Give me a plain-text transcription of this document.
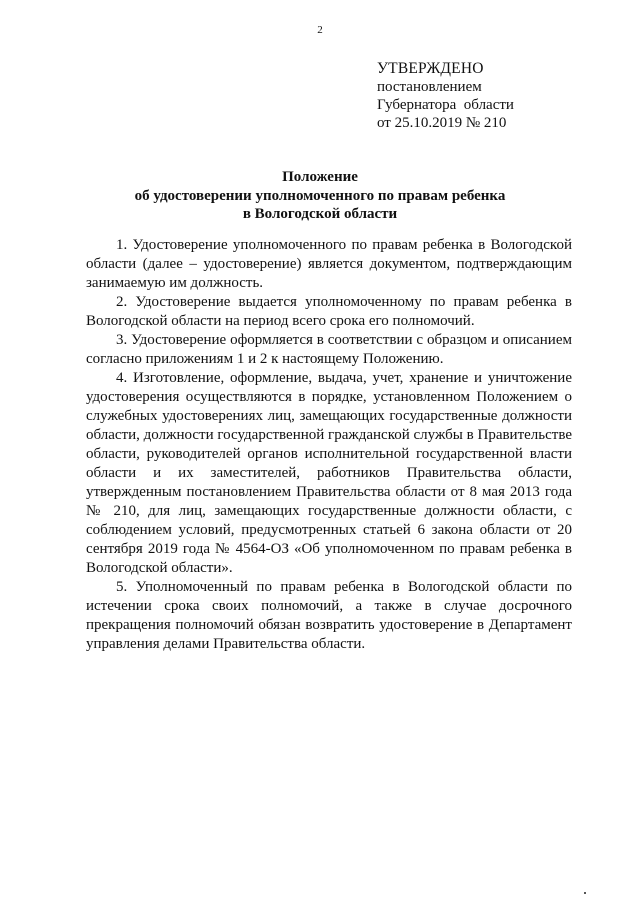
2
УТВЕРЖДЕНО
постановлением
Губернатора  области
от 25.10.2019 № 210
Положение
об удостоверении уполномоченного по правам ребенка
в Вологодской области

1. Удостоверение уполномоченного по правам ребенка в Вологодской области (далее – удостоверение) является документом, подтверждающим занимаемую им должность.

2. Удостоверение выдается уполномоченному по правам ребенка в Вологодской области на период всего срока его полномочий.

3. Удостоверение оформляется в соответствии с образцом и описанием согласно приложениям 1 и 2 к настоящему Положению.

4. Изготовление, оформление, выдача, учет, хранение и уничтожение удостоверения осуществляются в порядке, установленном Положением о служебных удостоверениях лиц, замещающих государственные должности области, должности государственной гражданской службы в Правительстве области, руководителей органов исполнительной государственной власти области и их заместителей, работников Правительства области, утвержденным постановлением Правительства области от 8 мая 2013 года № 210, для лиц, замещающих государственные должности области, с соблюдением условий, предусмотренных статьей 6 закона области от 20 сентября 2019 года № 4564-ОЗ «Об уполномоченном по правам ребенка в Вологодской области».

5. Уполномоченный по правам ребенка в Вологодской области по истечении срока своих полномочий, а также в случае досрочного прекращения полномочий обязан возвратить удостоверение в Департамент управления делами Правительства области.
